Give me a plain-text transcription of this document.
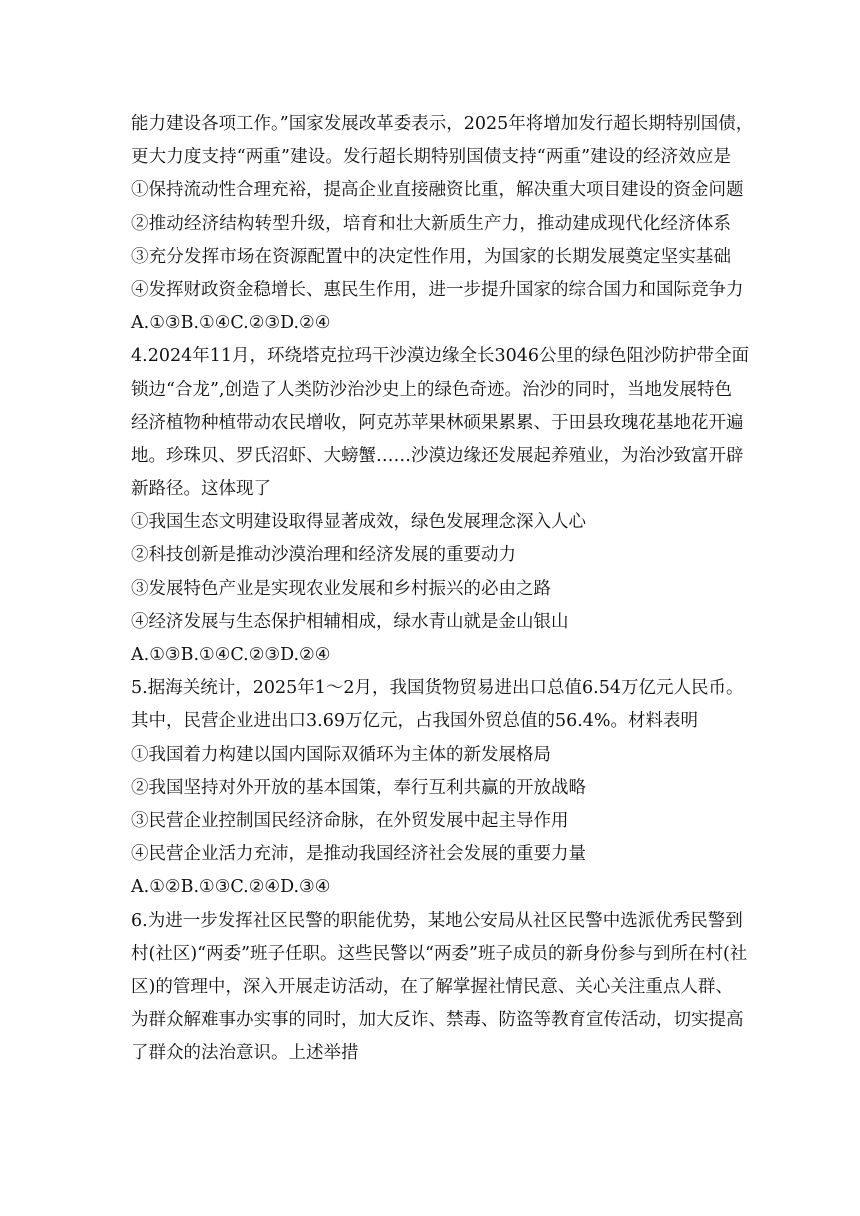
能力建设各项工作。”国家发展改革委表示，2025年将增加发行超长期特别国债，
更大力度支持“两重”建设。发行超长期特别国债支持“两重”建设的经济效应是
①保持流动性合理充裕，提高企业直接融资比重，解决重大项目建设的资金问题
②推动经济结构转型升级，培育和壮大新质生产力，推动建成现代化经济体系
③充分发挥市场在资源配置中的决定性作用，为国家的长期发展奠定坚实基础
④发挥财政资金稳增长、惠民生作用，进一步提升国家的综合国力和国际竞争力
A.①③B.①④C.②③D.②④
4.2024年11月，环绕塔克拉玛干沙漠边缘全长3046公里的绿色阻沙防护带全面
锁边“合龙”,创造了人类防沙治沙史上的绿色奇迹。治沙的同时，当地发展特色
经济植物种植带动农民增收，阿克苏苹果林硕果累累、于田县玫瑰花基地花开遍
地。珍珠贝、罗氏沼虾、大螃蟹……沙漠边缘还发展起养殖业，为治沙致富开辟
新路径。这体现了
①我国生态文明建设取得显著成效，绿色发展理念深入人心
②科技创新是推动沙漠治理和经济发展的重要动力
③发展特色产业是实现农业发展和乡村振兴的必由之路
④经济发展与生态保护相辅相成，绿水青山就是金山银山
A.①③B.①④C.②③D.②④
5.据海关统计，2025年1～2月，我国货物贸易进出口总值6.54万亿元人民币。
其中，民营企业进出口3.69万亿元，占我国外贸总值的56.4%。材料表明
①我国着力构建以国内国际双循环为主体的新发展格局
②我国坚持对外开放的基本国策，奉行互利共赢的开放战略
③民营企业控制国民经济命脉，在外贸发展中起主导作用
④民营企业活力充沛，是推动我国经济社会发展的重要力量
A.①②B.①③C.②④D.③④
6.为进一步发挥社区民警的职能优势，某地公安局从社区民警中选派优秀民警到
村(社区)“两委”班子任职。这些民警以“两委”班子成员的新身份参与到所在村(社
区)的管理中，深入开展走访活动，在了解掌握社情民意、关心关注重点人群、
为群众解难事办实事的同时，加大反诈、禁毒、防盗等教育宣传活动，切实提高
了群众的法治意识。上述举措
